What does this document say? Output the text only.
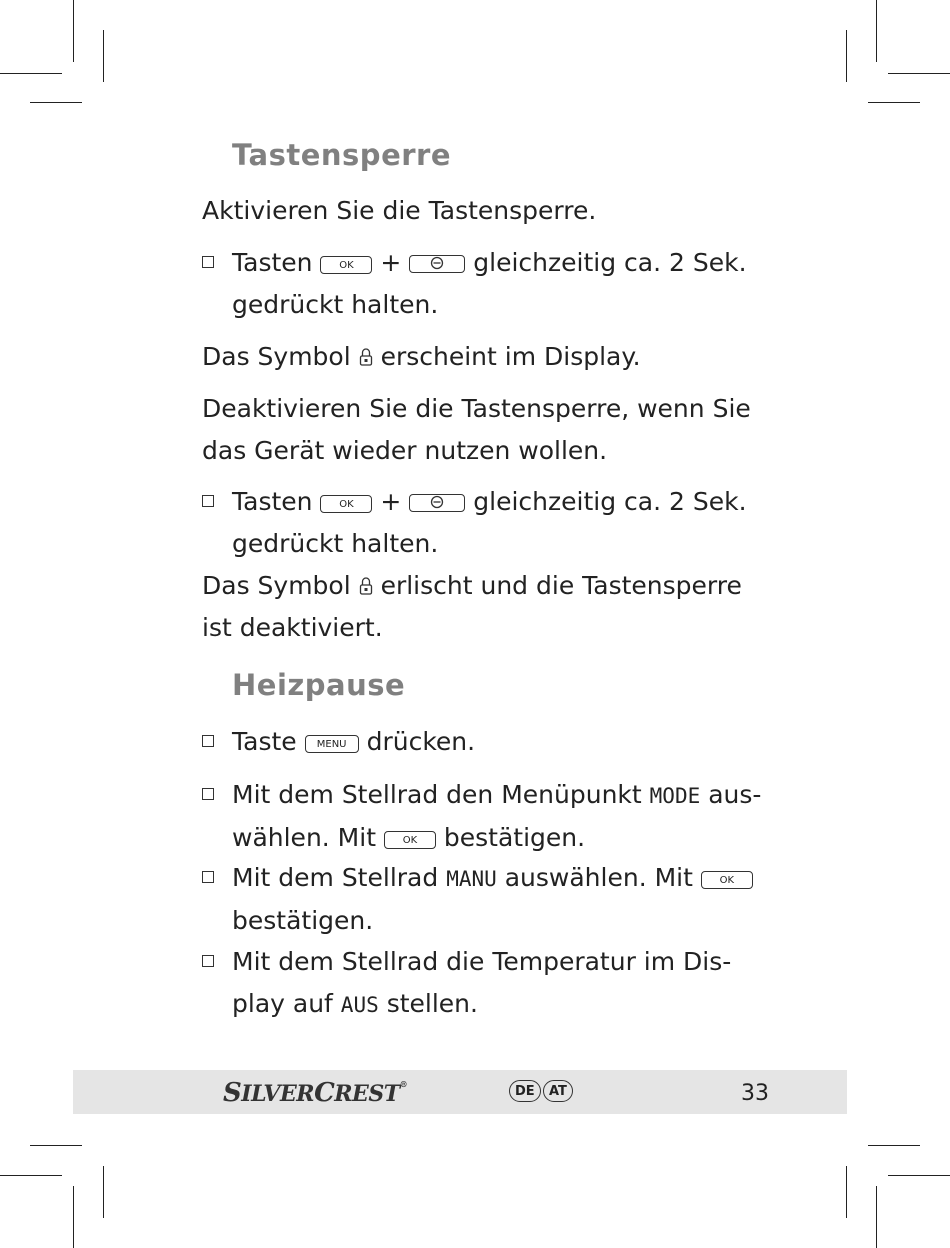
Tastensperre
Aktivieren Sie die Tastensperre.
Tasten	OK +	gleichzeitig ca. 2 Sek.
gedrückt halten.
Das Symbol erscheint im Display.
Deaktivieren Sie die Tastensperre, wenn Sie
das Gerät wieder nutzen wollen.
Tasten	OK +	gleichzeitig ca. 2 Sek.
gedrückt halten.
Das Symbol erlischt und die Tastensperre
ist deaktiviert.
Heizpause
Taste MENU drücken.
Mit dem Stellrad den Menüpunkt MODE aus-
wählen. Mit	OK bestätigen.
Mit dem Stellrad MANU auswählen. Mit	OK
bestätigen.
Mit dem Stellrad die Temperatur im Dis-
play auf AUS stellen.
SILVERCREST®	DE	AT	33
